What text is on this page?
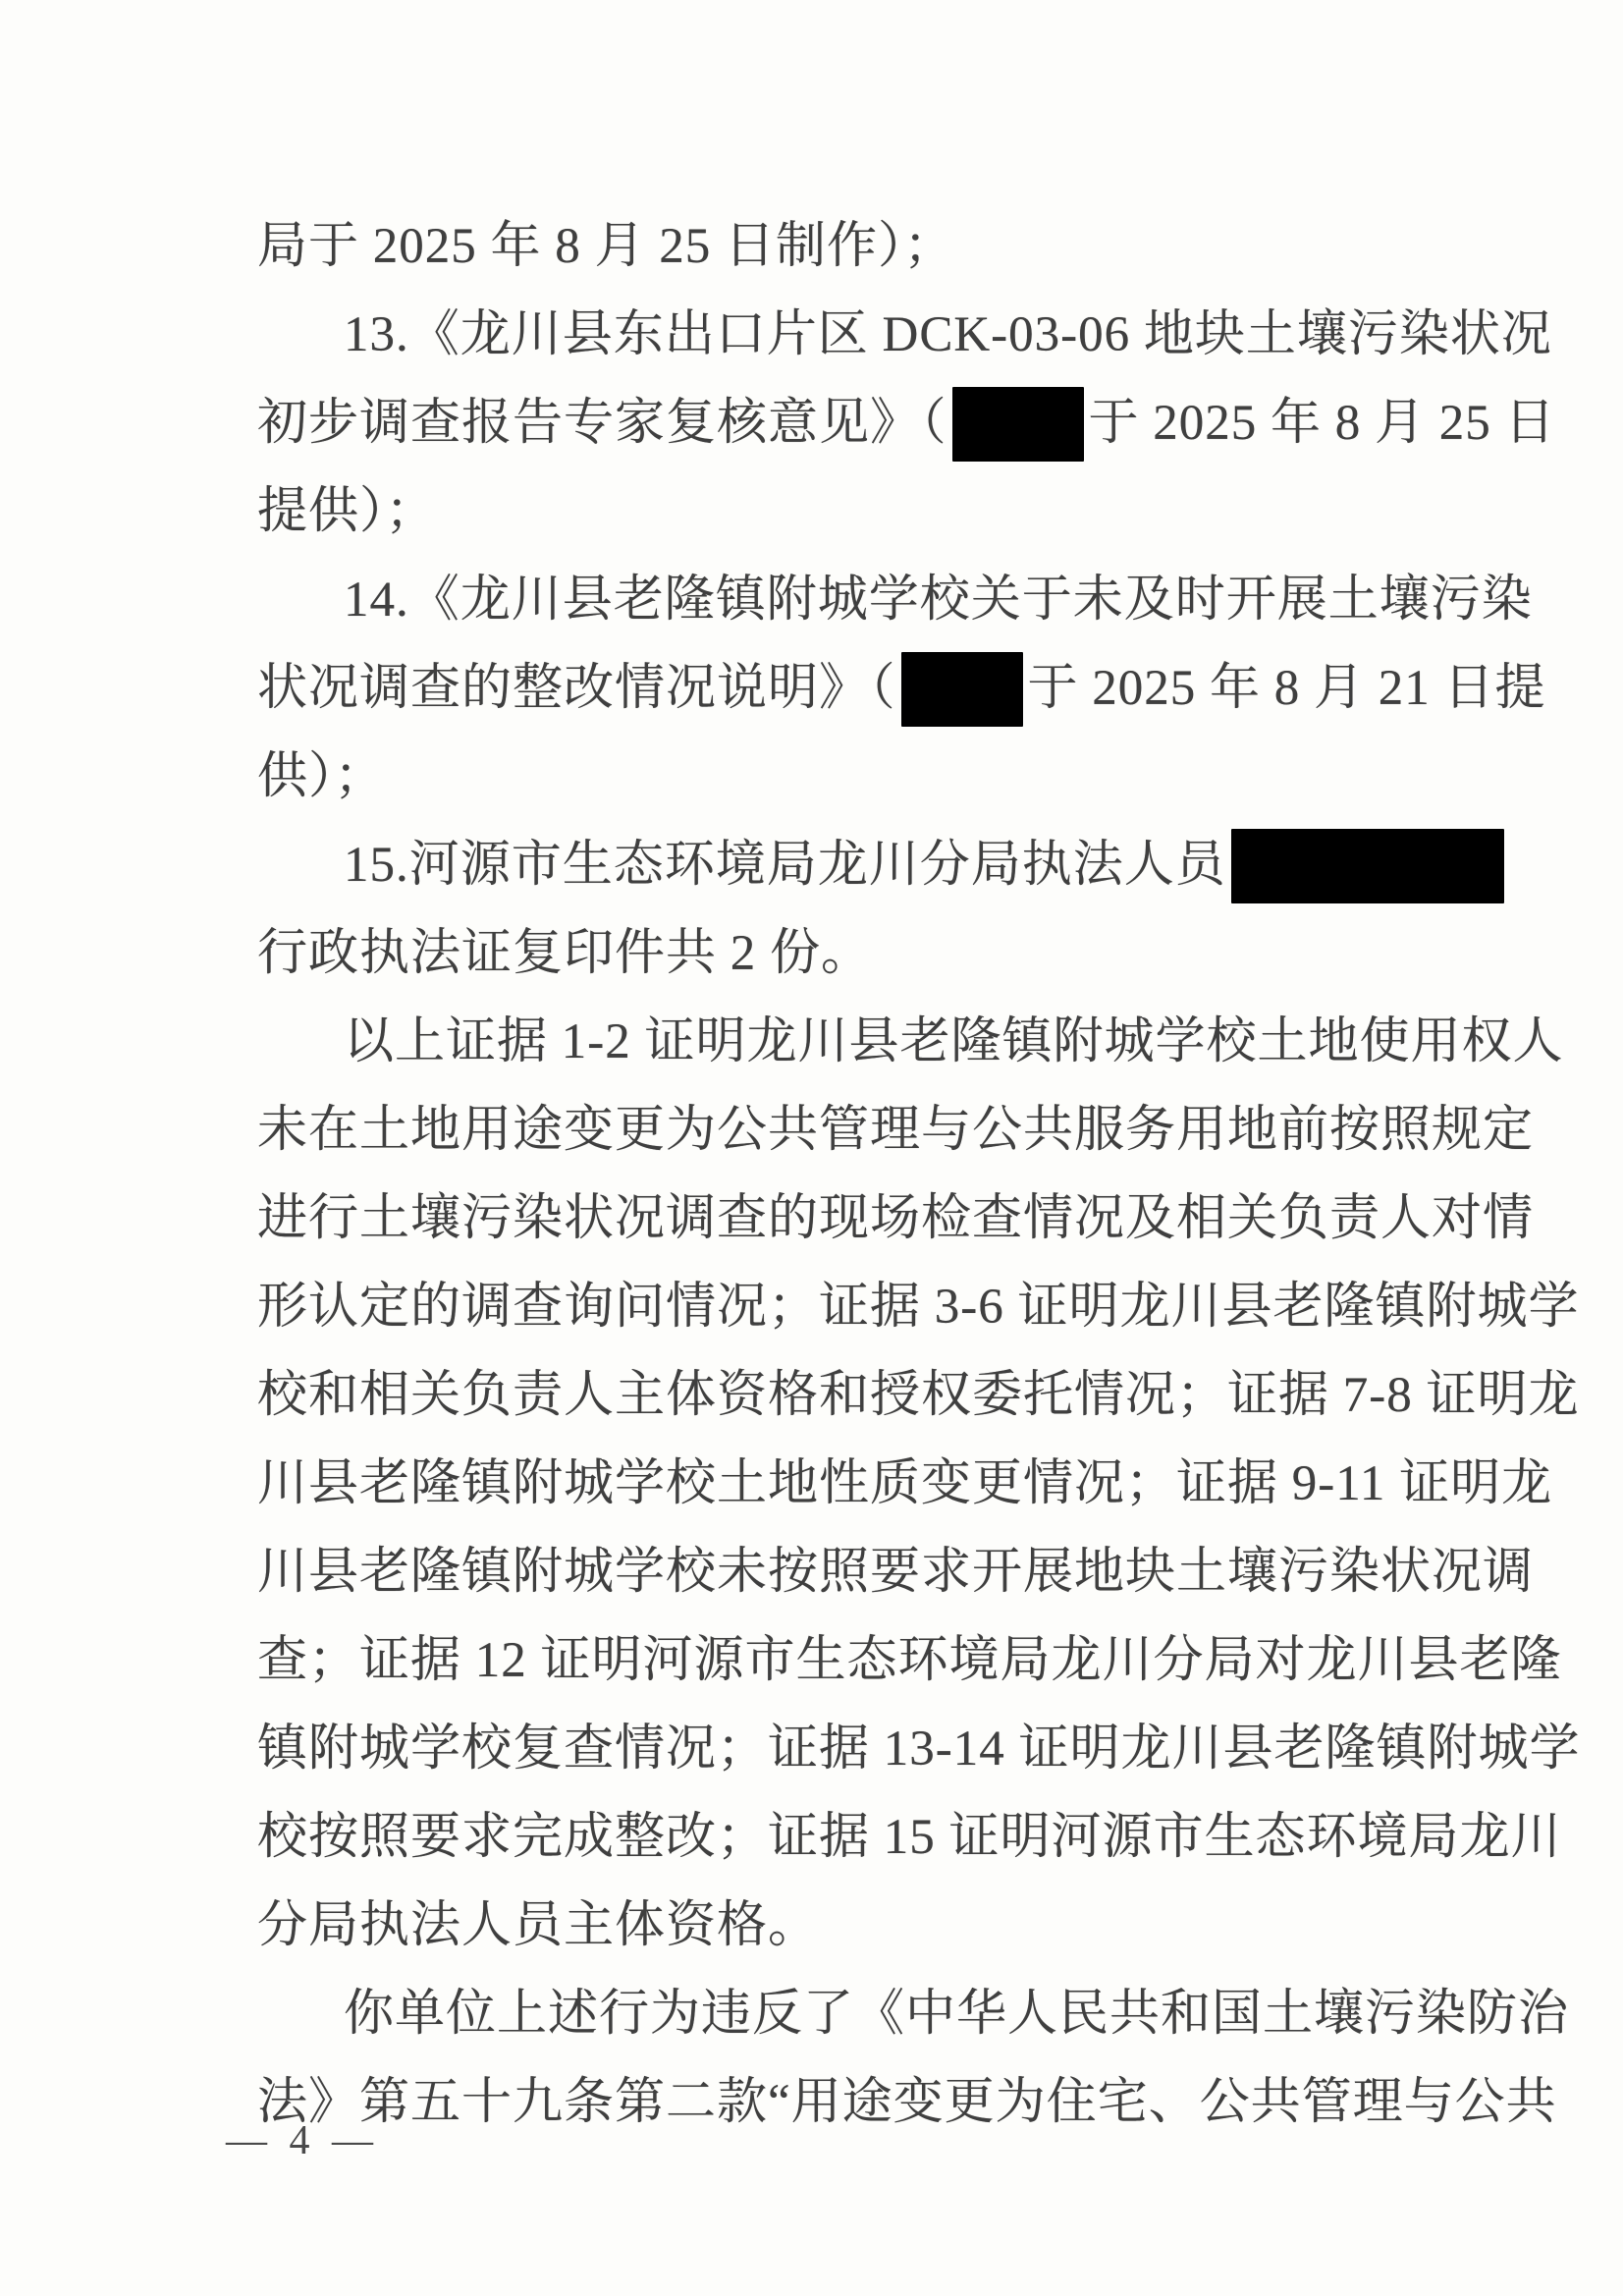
局于 2025 年 8 月 25 日制作）；
13.《龙川县东出口片区 DCK-03-06 地块土壤污染状况
初步调查报告专家复核意见》（	于 2025 年 8 月 25 日
提供）；
14.《龙川县老隆镇附城学校关于未及时开展土壤污染
状况调查的整改情况说明》（	于 2025 年 8 月 21 日提
供）；
15.河源市生态环境局龙川分局执法人员
行政执法证复印件共 2 份。
以上证据 1-2 证明龙川县老隆镇附城学校土地使用权人
未在土地用途变更为公共管理与公共服务用地前按照规定
进行土壤污染状况调查的现场检查情况及相关负责人对情
形认定的调查询问情况；证据 3-6 证明龙川县老隆镇附城学
校和相关负责人主体资格和授权委托情况；证据 7-8 证明龙
川县老隆镇附城学校土地性质变更情况；证据 9-11 证明龙
川县老隆镇附城学校未按照要求开展地块土壤污染状况调
查；证据 12 证明河源市生态环境局龙川分局对龙川县老隆
镇附城学校复查情况；证据 13-14 证明龙川县老隆镇附城学
校按照要求完成整改；证据 15 证明河源市生态环境局龙川
分局执法人员主体资格。
你单位上述行为违反了《中华人民共和国土壤污染防治
法》第五十九条第二款“用途变更为住宅、公共管理与公共
— 4 —
